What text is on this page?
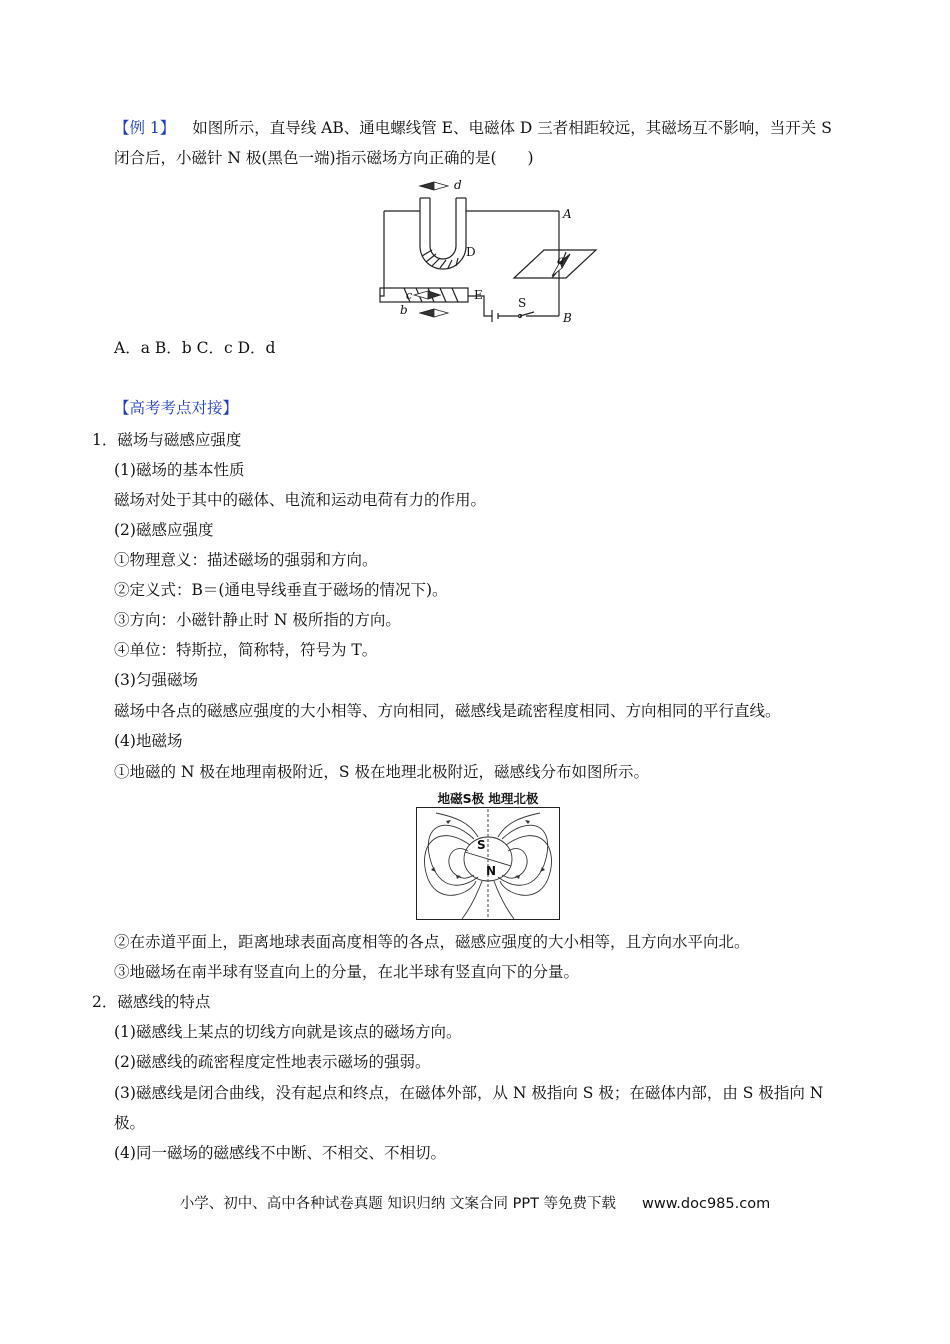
【例 1】 如图所示，直导线 AB、通电螺线管 E、电磁体 D 三者相距较远，其磁场互不影响，当开关 S
闭合后，小磁针 N 极(黑色一端)指示磁场方向正确的是(　　)
d
A
D
a
c	E
S
b
B
A．a B．b C．c D．d
【高考考点对接】
1．磁场与磁感应强度
(1)磁场的基本性质
磁场对处于其中的磁体、电流和运动电荷有力的作用。
(2)磁感应强度
①物理意义：描述磁场的强弱和方向。
②定义式：B＝(通电导线垂直于磁场的情况下)。
③方向：小磁针静止时 N 极所指的方向。
④单位：特斯拉，简称特，符号为 T。
(3)匀强磁场
磁场中各点的磁感应强度的大小相等、方向相同，磁感线是疏密程度相同、方向相同的平行直线。
(4)地磁场
①地磁的 N 极在地理南极附近，S 极在地理北极附近，磁感线分布如图所示。
地磁S极 地理北极
S
N
②在赤道平面上，距离地球表面高度相等的各点，磁感应强度的大小相等，且方向水平向北。
③地磁场在南半球有竖直向上的分量，在北半球有竖直向下的分量。
2．磁感线的特点
(1)磁感线上某点的切线方向就是该点的磁场方向。
(2)磁感线的疏密程度定性地表示磁场的强弱。
(3)磁感线是闭合曲线，没有起点和终点，在磁体外部，从 N 极指向 S 极；在磁体内部，由 S 极指向 N
极。
(4)同一磁场的磁感线不中断、不相交、不相切。
小学、初中、高中各种试卷真题 知识归纳 文案合同 PPT 等免费下载 www.doc985.com
